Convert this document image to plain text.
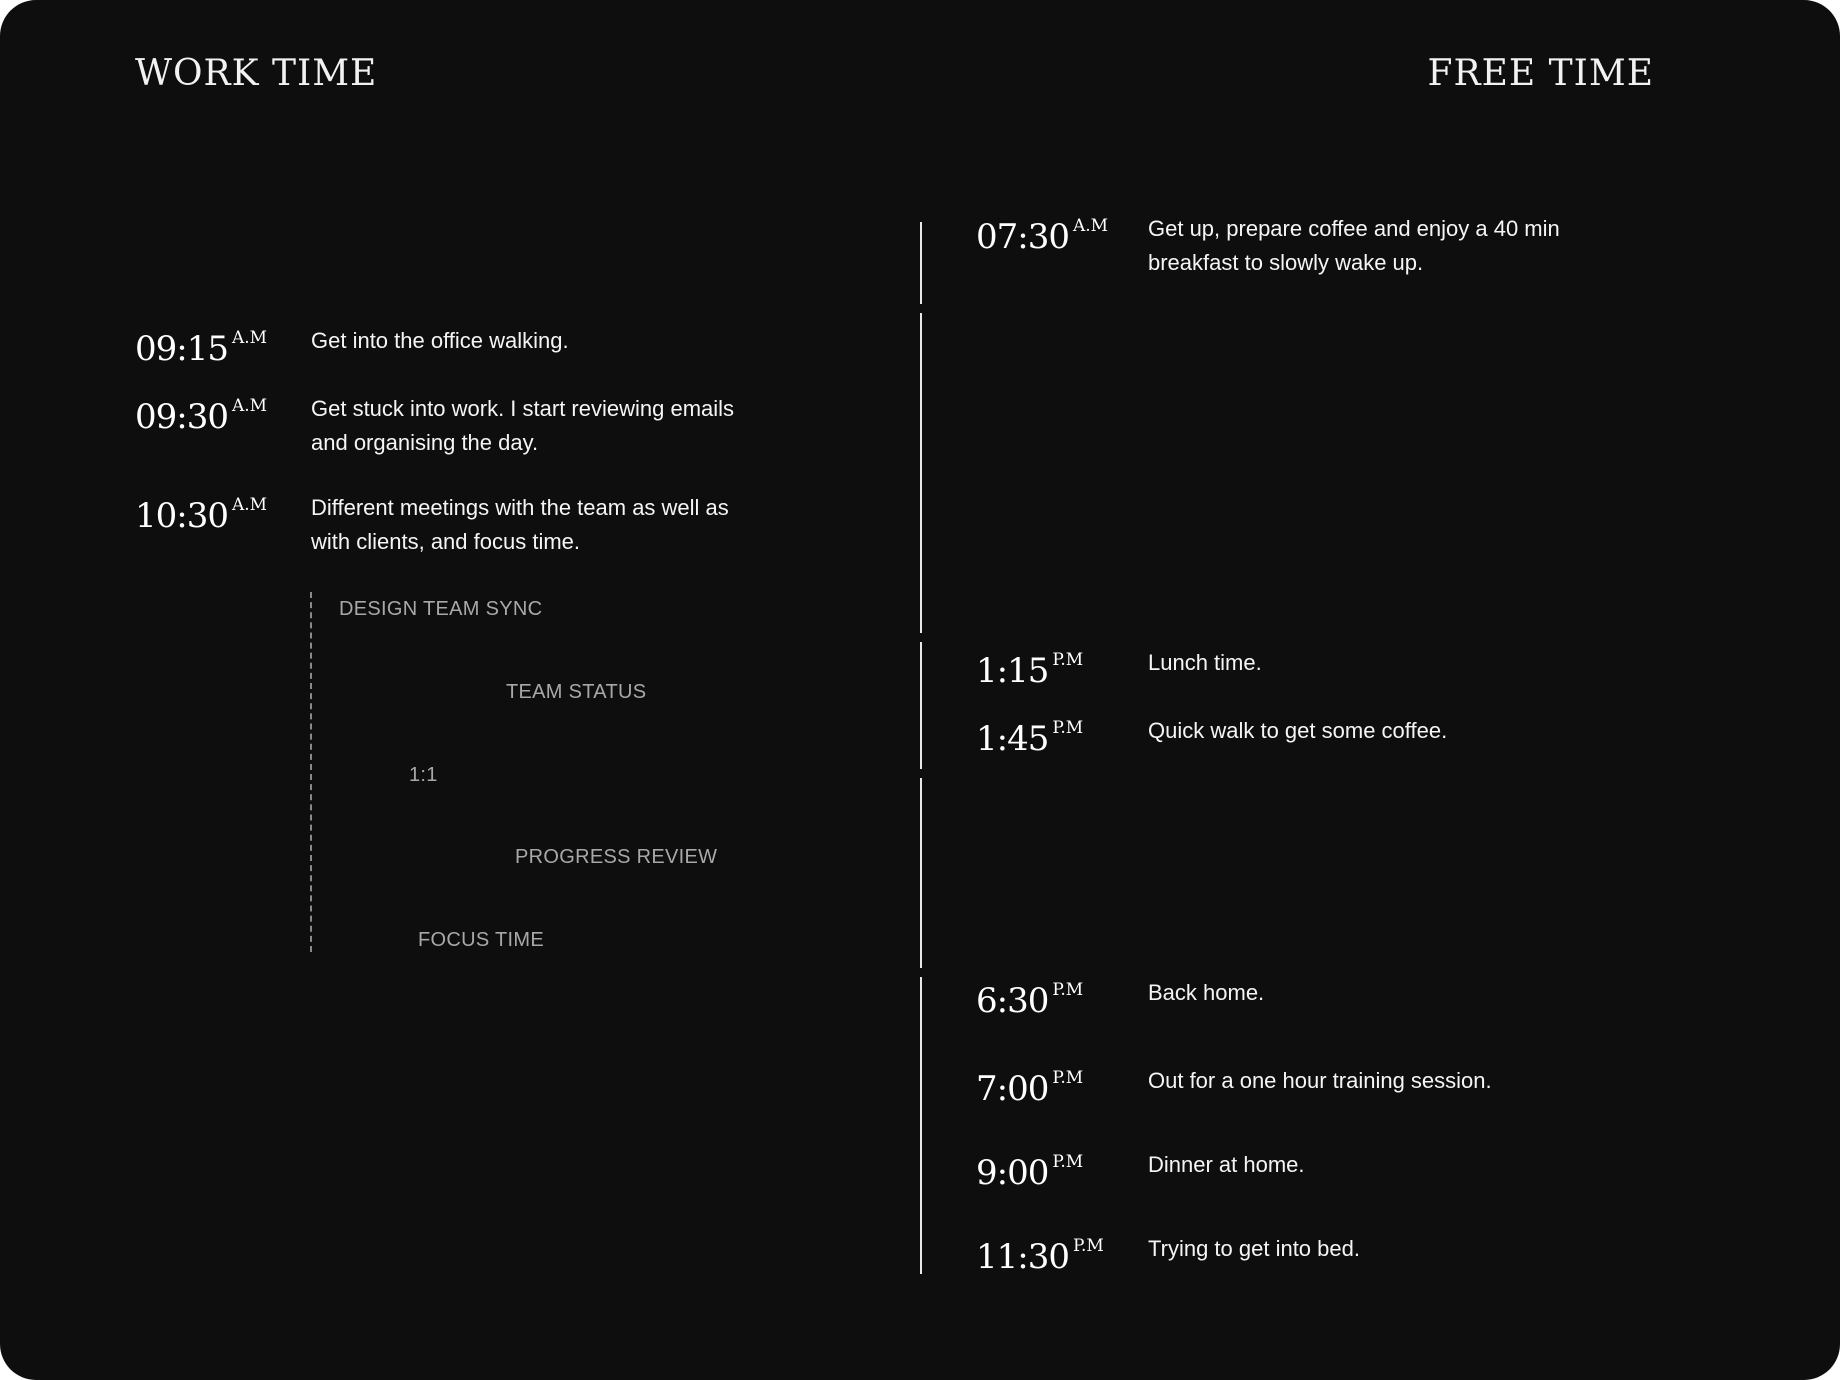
WORK TIME	FREE TIME
09:15 $^{A.M}$ Get into the office walking.
09:30 $^{A.M}$ Get stuck into work. I start reviewing emails
and organising the day.
10:30 $^{A.M}$ Different meetings with the team as well as
with clients, and focus time.
DESIGN TEAM SYNC
TEAM STATUS
1:1
PROGRESS REVIEW
FOCUS TIME
07:30 $^{A.M}$ Get up, prepare coffee and enjoy a 40 min
breakfast to slowly wake up.
1:15 $^{P.M}$	Lunch time.
1:45 $^{P.M}$	Quick walk to get some coffee.
6:30 $^{P.M}$	Back home.
7:00 $^{P.M}$	Out for a one hour training session.
9:00 $^{P.M}$	Dinner at home.
11:30 $^{P.M}$ Trying to get into bed.
